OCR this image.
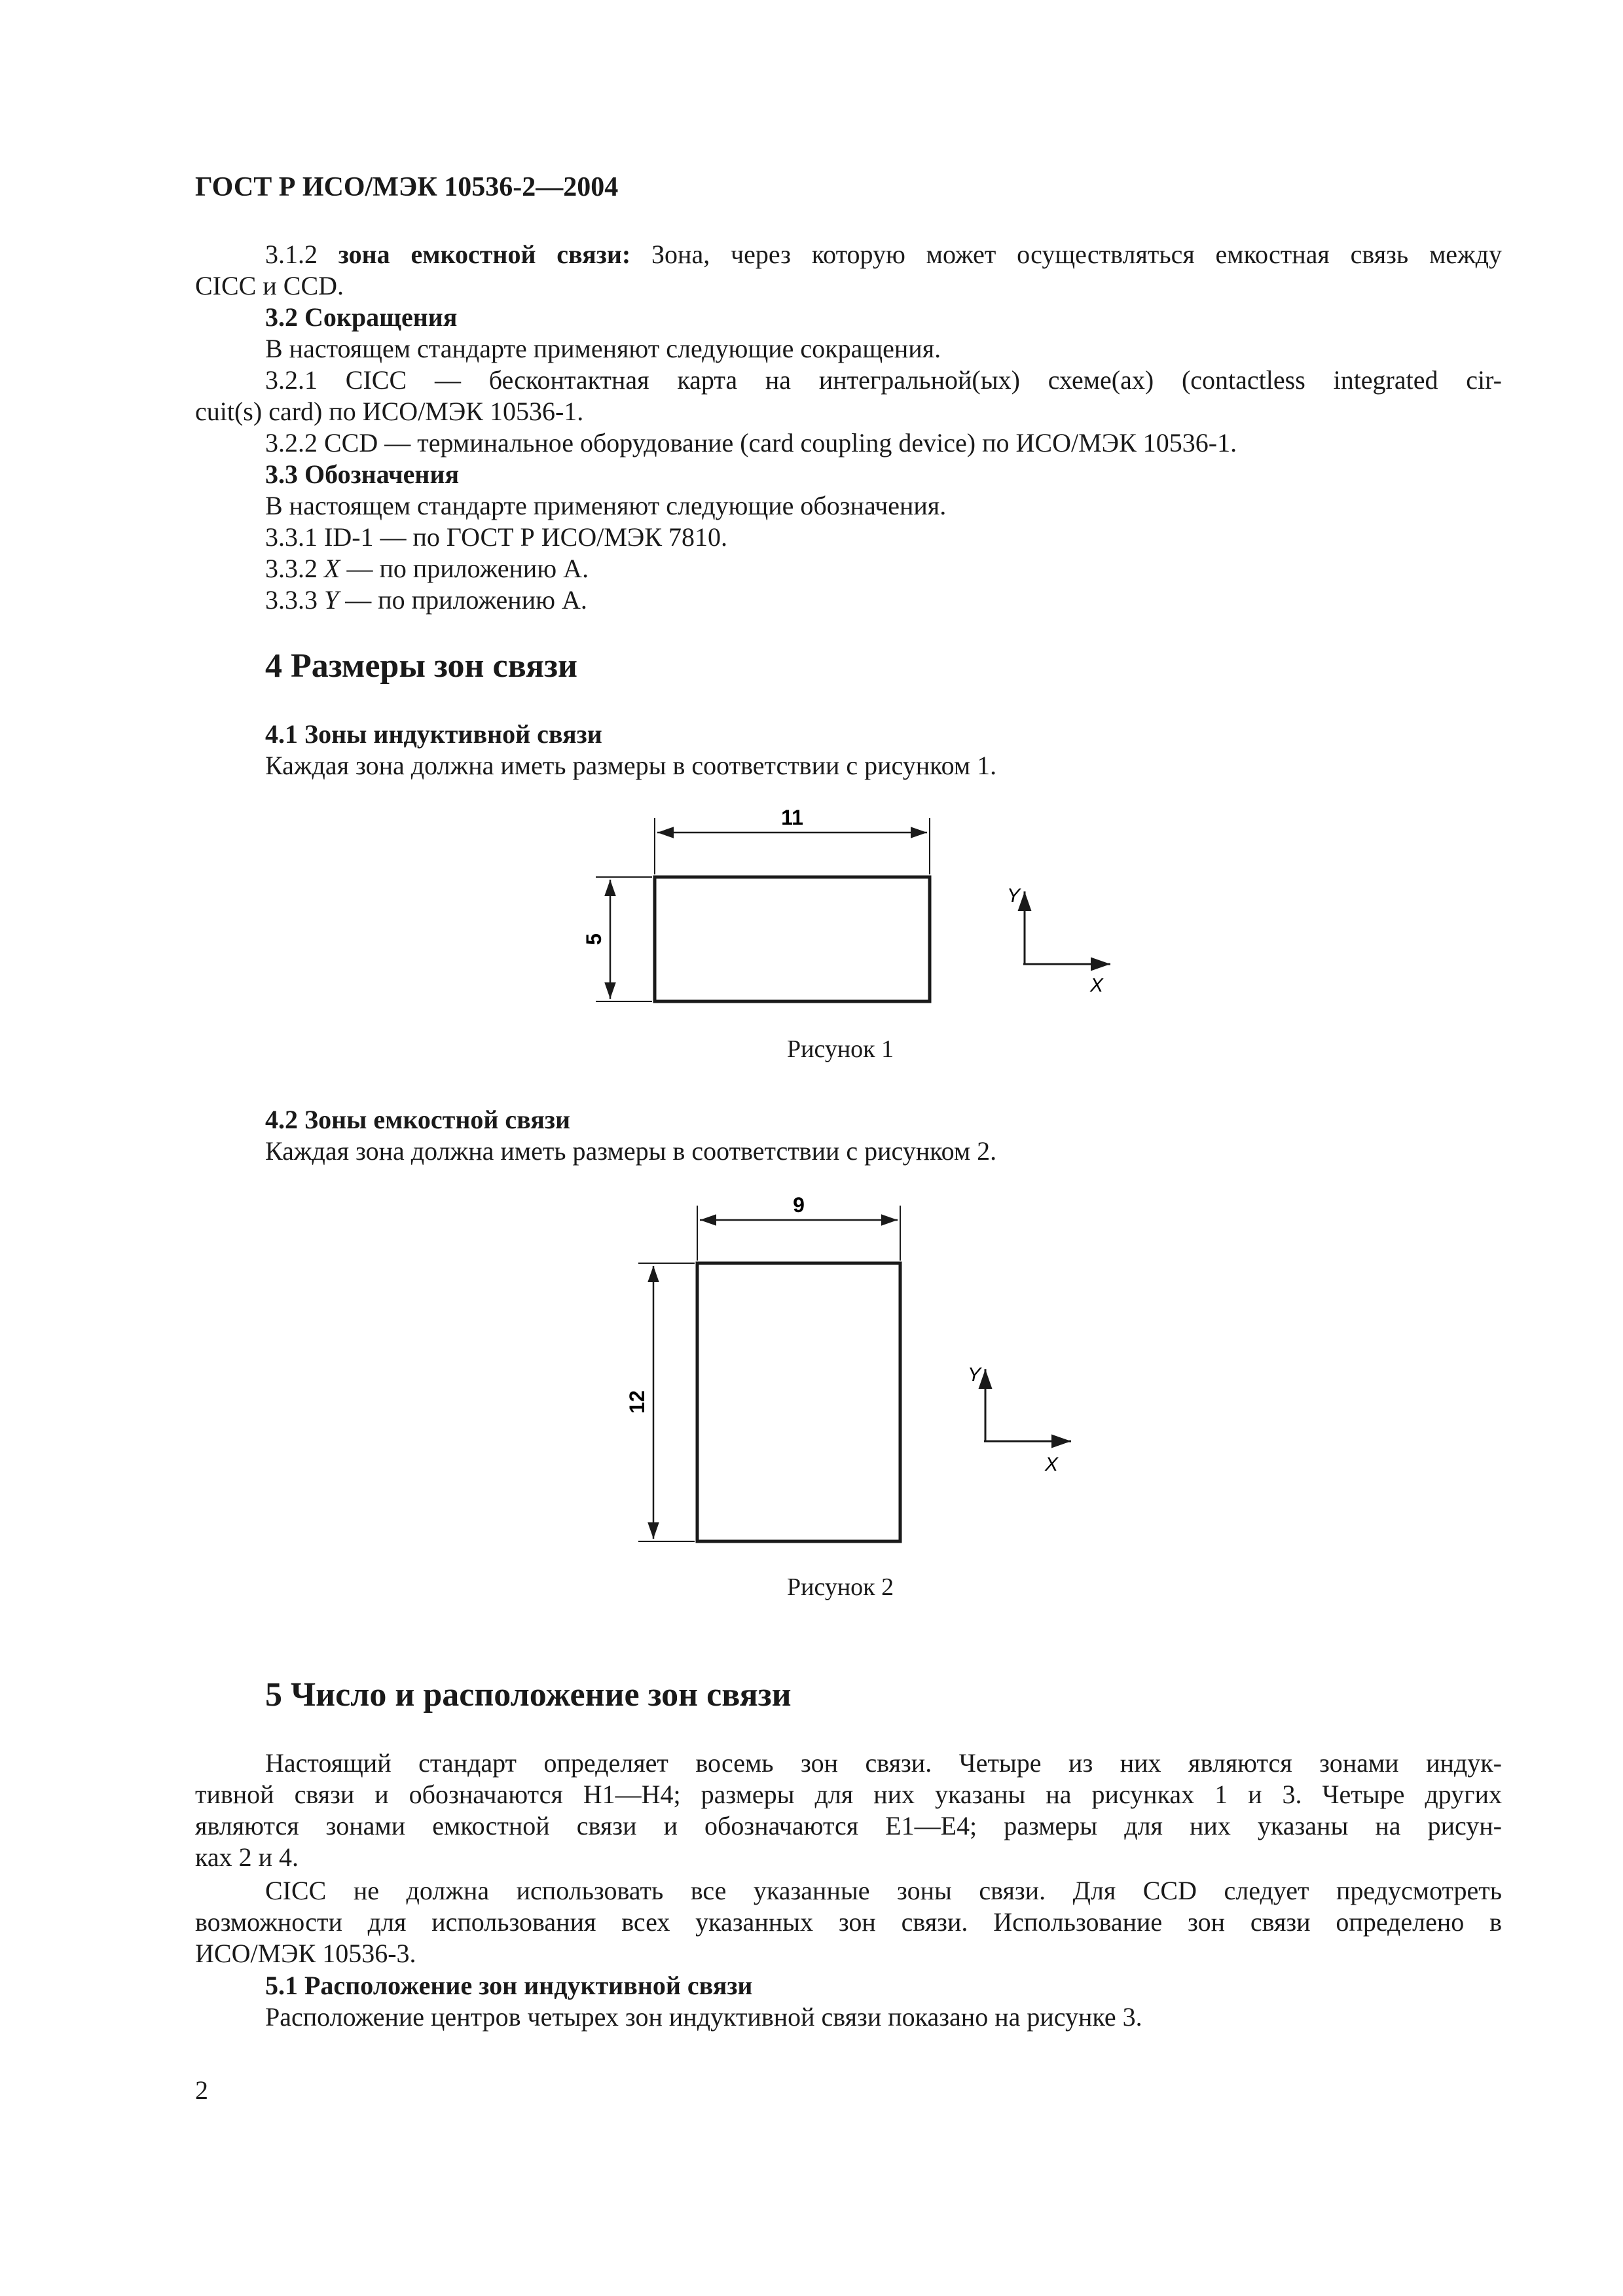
ГОСТ Р ИСО/МЭК 10536-2—2004
3.1.2 зона емкостной связи: Зона, через которую может осуществляться емкостная связь между
CICC и CCD.
3.2 Сокращения
В настоящем стандарте применяют следующие сокращения.
3.2.1 CICC — бесконтактная карта на интегральной(ых) схеме(ах) (contactless integrated cir-
cuit(s) card) по ИСО/МЭК 10536-1.
3.2.2 CCD — терминальное оборудование (card coupling device) по ИСО/МЭК 10536-1.
3.3 Обозначения
В настоящем стандарте применяют следующие обозначения.
3.3.1 ID-1 — по ГОСТ Р ИСО/МЭК 7810.
3.3.2 X — по приложению А.
3.3.3 Y — по приложению А.
4 Размеры зон связи
4.1 Зоны индуктивной связи
Каждая зона должна иметь размеры в соответствии с рисунком 1.
11
5
Y
X
Рисунок 1
4.2 Зоны емкостной связи
Каждая зона должна иметь размеры в соответствии с рисунком 2.
9
12
Y
X
Рисунок 2
5 Число и расположение зон связи
Настоящий стандарт определяет восемь зон связи. Четыре из них являются зонами индук-
тивной связи и обозначаются H1—H4; размеры для них указаны на рисунках 1 и 3. Четыре других
являются зонами емкостной связи и обозначаются E1—E4; размеры для них указаны на рисун-
ках 2 и 4.
CICC не должна использовать все указанные зоны связи. Для CCD следует предусмотреть
возможности для использования всех указанных зон связи. Использование зон связи определено в
ИСО/МЭК 10536-3.
5.1 Расположение зон индуктивной связи
Расположение центров четырех зон индуктивной связи показано на рисунке 3.
2
